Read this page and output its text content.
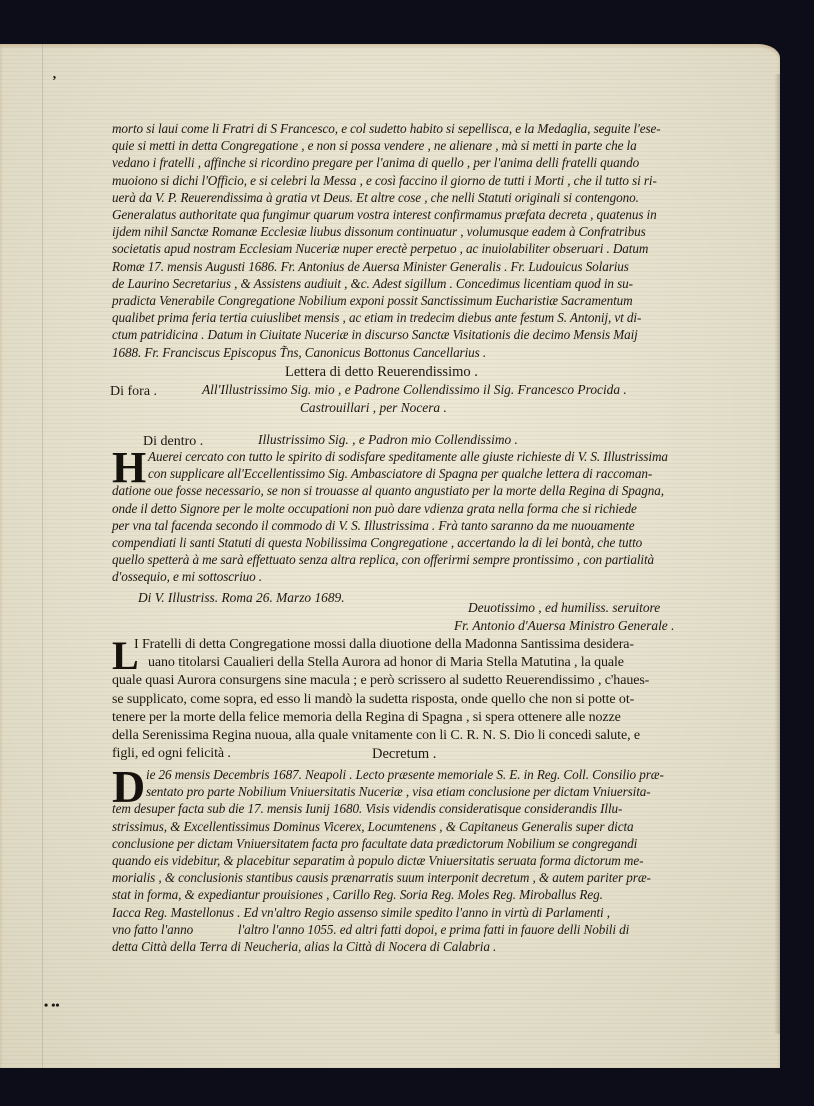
ʼ
morto si laui come li Fratri di S Francesco, e col sudetto habito si sepellisca, e la Medaglia, seguite l'ese-
quie si metti in detta Congregatione , e non si possa vendere , ne alienare , mà si metti in parte che la
vedano i fratelli , affinche si ricordino pregare per l'anima di quello , per l'anima delli fratelli quando
muoiono si dichi l'Officio, e si celebri la Messa , e così faccino il giorno de tutti i Morti , che il tutto si ri-
uerà da V. P. Reuerendissima à gratia vt Deus. Et altre cose , che nelli Statuti originali si contengono.
Generalatus authoritate qua fungimur quarum vostra interest confirmamus præfata decreta , quatenus in
ijdem nihil Sanctæ Romanæ Ecclesiæ liubus dissonum continuatur , volumusque eadem à Confratribus
societatis apud nostram Ecclesiam Nuceriæ nuper erectè perpetuo , ac inuiolabiliter obseruari . Datum
Romæ 17. mensis Augusti 1686. Fr. Antonius de Auersa Minister Generalis . Fr. Ludouicus Solarius
de Laurino Secretarius , & Assistens audiuit , &c. Adest sigillum . Concedimus licentiam quod in su-
pradicta Venerabile Congregatione Nobilium exponi possit Sanctissimum Eucharistiæ Sacramentum
qualibet prima feria tertia cuiuslibet mensis , ac etiam in tredecim diebus ante festum S. Antonij, vt di-
ctum patridicina . Datum in Ciuitate Nuceriæ in discurso Sanctæ Visitationis die decimo Mensis Maij
1688. Fr. Franciscus Episcopus T̃ns, Canonicus Bottonus Cancellarius .
Lettera di detto Reuerendissimo .
Di fora .	All'Illustrissimo Sig. mio , e Padrone Collendissimo il Sig. Francesco Procida .
Castrouillari , per Nocera .
Di dentro .	Illustrissimo Sig. , e Padron mio Collendissimo .
H Auerei cercato con tutto le spirito di sodisfare speditamente alle giuste richieste di V. S. Illustrissima
con supplicare all'Eccellentissimo Sig. Ambasciatore di Spagna per qualche lettera di raccoman-
datione oue fosse necessario, se non si trouasse al quanto angustiato per la morte della Regina di Spagna,
onde il detto Signore per le molte occupationi non può dare vdienza grata nella forma che si richiede
per vna tal facenda secondo il commodo di V. S. Illustrissima . Frà tanto saranno da me nuouamente
compendiati li santi Statuti di questa Nobilissima Congregatione , accertando la di lei bontà, che tutto
quello spetterà à me sarà effettuato senza altra replica, con offerirmi sempre prontissimo , con partialità
d'ossequio, e mi sottoscriuo .
Di V. Illustriss. Roma 26. Marzo 1689.
Deuotissimo , ed humiliss. seruitore
Fr. Antonio d'Auersa Ministro Generale .
L
I Fratelli di detta Congregatione mossi dalla diuotione della Madonna Santissima desidera-
uano titolarsi Caualieri della Stella Aurora ad honor di Maria Stella Matutina , la quale
quale quasi Aurora consurgens sine macula ; e però scrissero al sudetto Reuerendissimo , c'haues-
se supplicato, come sopra, ed esso li mandò la sudetta risposta, onde quello che non si potte ot-
tenere per la morte della felice memoria della Regina di Spagna , si spera ottenere alle nozze
della Serenissima Regina nuoua, alla quale vnitamente con li C. R. N. S. Dio li concedi salute, e
figli, ed ogni felicità .	Decretum .
D ie 26 mensis Decembris 1687. Neapoli . Lecto præsente memoriale S. E. in Reg. Coll. Consilio præ-
sentato pro parte Nobilium Vniuersitatis Nuceriæ , visa etiam conclusione per dictam Vniuersita-
tem desuper facta sub die 17. mensis Iunij 1680. Visis videndis consideratisque considerandis Illu-
strissimus, & Excellentissimus Dominus Vicerex, Locumtenens , & Capitaneus Generalis super dicta
conclusione per dictam Vniuersitatem facta pro facultate data prædictorum Nobilium se congregandi
quando eis videbitur, & placebitur separatim à populo dictæ Vniuersitatis seruata forma dictorum me-
morialis , & conclusionis stantibus causis prænarratis suum interponit decretum , & autem pariter præ-
stat in forma, & expediantur prouisiones , Carillo Reg. Soria Reg. Moles Reg. Miroballus Reg.
Iacca Reg. Mastellonus . Ed vn'altro Regio assenso simile spedito l'anno in virtù di Parlamenti ,
vno fatto l'anno              l'altro l'anno 1055. ed altri fatti dopoi, e prima fatti in fauore delli Nobili di
detta Città della Terra di Neucheria, alias la Città di Nocera di Calabria .
• ••
